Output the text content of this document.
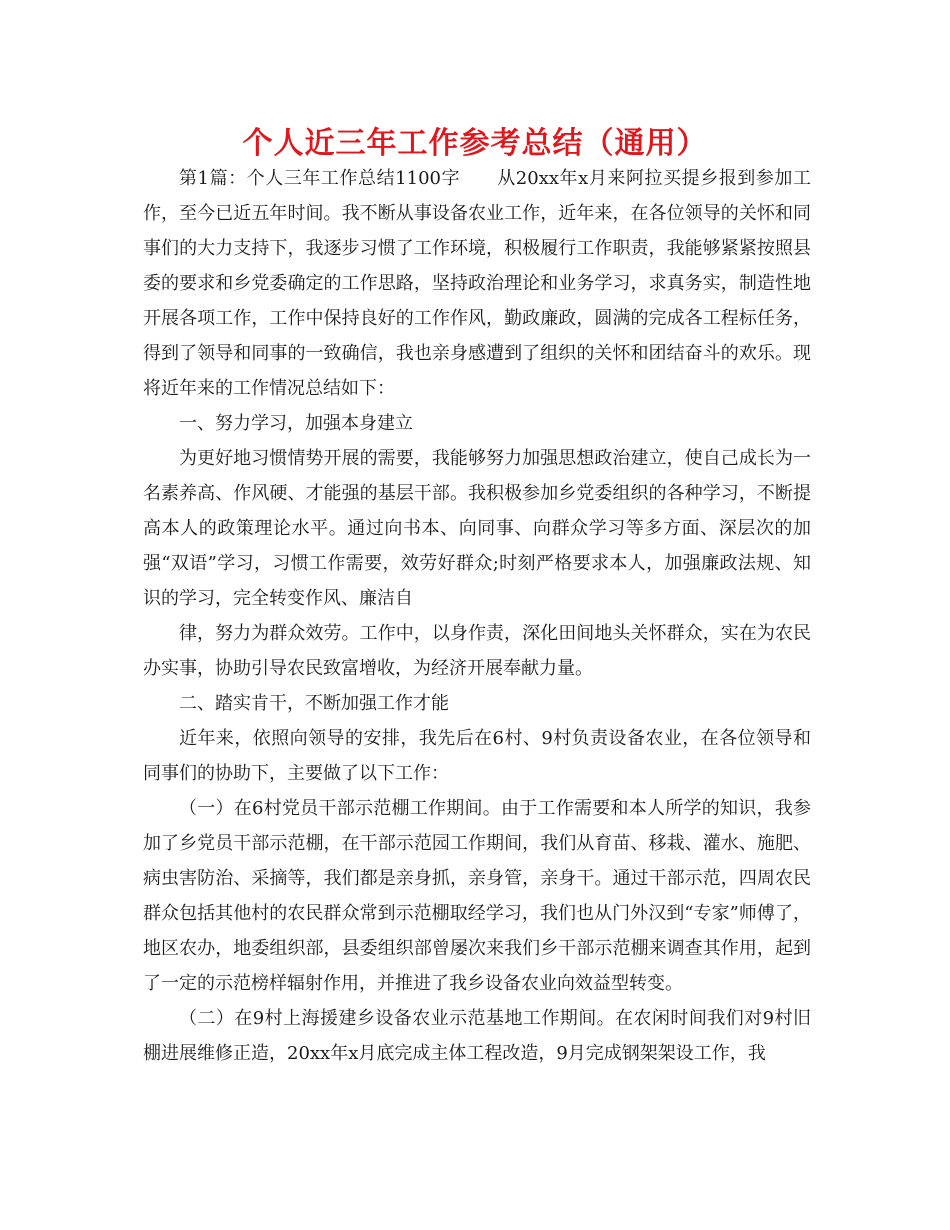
个人近三年工作参考总结（通用）

第1篇：个人三年工作总结1100字　　从20xx年x月来阿拉买提乡报到参加工作，至今已近五年时间。我不断从事设备农业工作，近年来，在各位领导的关怀和同事们的大力支持下，我逐步习惯了工作环境，积极履行工作职责，我能够紧紧按照县委的要求和乡党委确定的工作思路，坚持政治理论和业务学习，求真务实，制造性地开展各项工作，工作中保持良好的工作作风，勤政廉政，圆满的完成各工程标任务，得到了领导和同事的一致确信，我也亲身感遭到了组织的关怀和团结奋斗的欢乐。现将近年来的工作情况总结如下：

一、努力学习，加强本身建立

为更好地习惯情势开展的需要，我能够努力加强思想政治建立，使自己成长为一名素养高、作风硬、才能强的基层干部。我积极参加乡党委组织的各种学习，不断提高本人的政策理论水平。通过向书本、向同事、向群众学习等多方面、深层次的加强“双语”学习，习惯工作需要，效劳好群众;时刻严格要求本人，加强廉政法规、知识的学习，完全转变作风、廉洁自

律，努力为群众效劳。工作中，以身作责，深化田间地头关怀群众，实在为农民办实事，协助引导农民致富增收，为经济开展奉献力量。

二、踏实肯干，不断加强工作才能

近年来，依照向领导的安排，我先后在6村、9村负责设备农业，在各位领导和同事们的协助下，主要做了以下工作：

（一）在6村党员干部示范棚工作期间。由于工作需要和本人所学的知识，我参加了乡党员干部示范棚，在干部示范园工作期间，我们从育苗、移栽、灌水、施肥、病虫害防治、采摘等，我们都是亲身抓，亲身管，亲身干。通过干部示范，四周农民群众包括其他村的农民群众常到示范棚取经学习，我们也从门外汉到“专家”师傅了，地区农办，地委组织部，县委组织部曾屡次来我们乡干部示范棚来调查其作用，起到了一定的示范榜样辐射作用，并推进了我乡设备农业向效益型转变。

（二）在9村上海援建乡设备农业示范基地工作期间。在农闲时间我们对9村旧棚进展维修正造，20xx年x月底完成主体工程改造，9月完成钢架架设工作，我
